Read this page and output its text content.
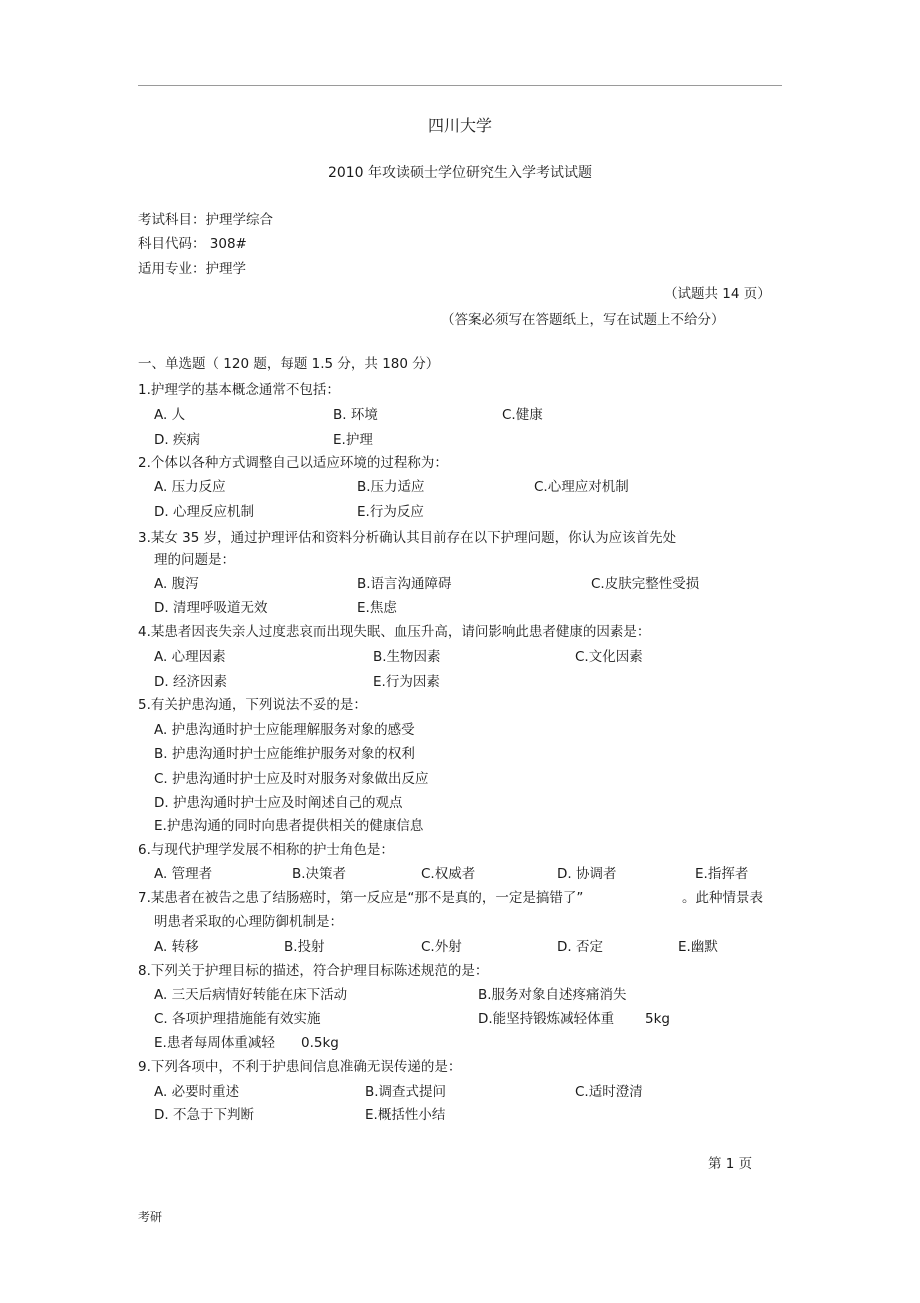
四川大学
2010 年攻读硕士学位研究生入学考试试题
考试科目：护理学综合
科目代码： 308#
适用专业：护理学
（试题共 14 页）
（答案必须写在答题纸上，写在试题上不给分）
一、单选题（ 120 题，每题 1.5 分，共 180 分）
1.护理学的基本概念通常不包括：
A. 人	B. 环境	C.健康
D. 疾病	E.护理
2.个体以各种方式调整自己以适应环境的过程称为：
A. 压力反应	B.压力适应	C.心理应对机制
D. 心理反应机制	E.行为反应
3.某女 35 岁，通过护理评估和资料分析确认其目前存在以下护理问题，你认为应该首先处
理的问题是：
A. 腹泻	B.语言沟通障碍	C.皮肤完整性受损
D. 清理呼吸道无效	E.焦虑
4.某患者因丧失亲人过度悲哀而出现失眠、血压升高，请问影响此患者健康的因素是：
A. 心理因素	B.生物因素	C.文化因素
D. 经济因素	E.行为因素
5.有关护患沟通，下列说法不妥的是：
A. 护患沟通时护士应能理解服务对象的感受
B. 护患沟通时护士应能维护服务对象的权利
C. 护患沟通时护士应及时对服务对象做出反应
D. 护患沟通时护士应及时阐述自己的观点
E.护患沟通的同时向患者提供相关的健康信息
6.与现代护理学发展不相称的护士角色是：
A. 管理者	B.决策者	C.权威者	D. 协调者	E.指挥者
7.某患者在被告之患了结肠癌时，第一反应是“那不是真的，一定是搞错了”	。此种情景表
明患者采取的心理防御机制是：
A. 转移	B.投射	C.外射	D. 否定	E.幽默
8.下列关于护理目标的描述，符合护理目标陈述规范的是：
A. 三天后病情好转能在床下活动	B.服务对象自述疼痛消失
C. 各项护理措施能有效实施	D.能坚持锻炼减轻体重 5kg
E.患者每周体重减轻 0.5kg
9.下列各项中，不利于护患间信息准确无误传递的是：
A. 必要时重述	B.调查式提问	C.适时澄清
D. 不急于下判断	E.概括性小结
第 1 页
考研
